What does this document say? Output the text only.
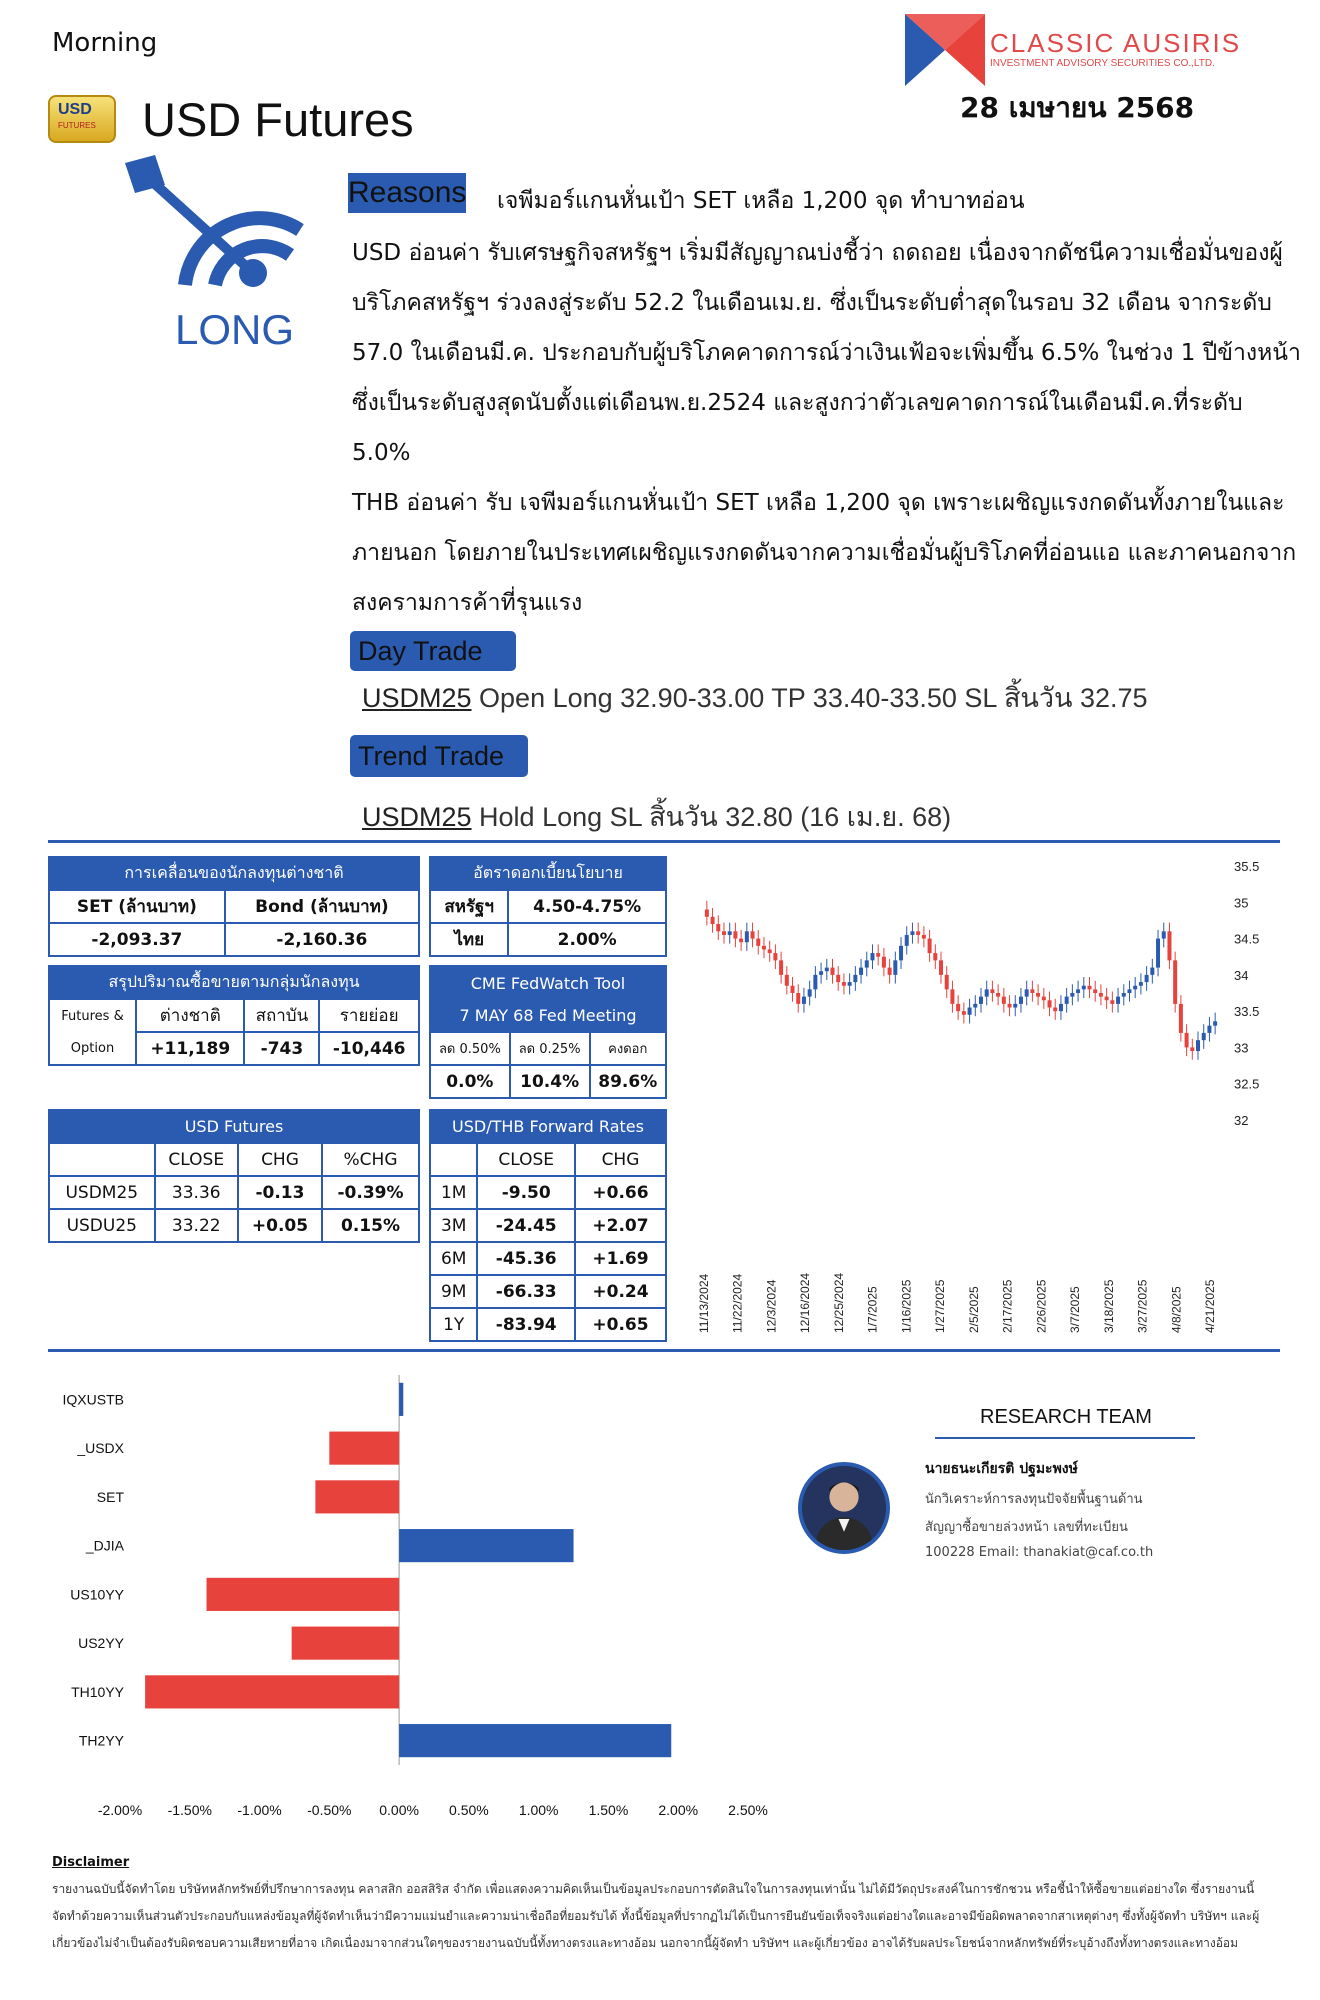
Morning
USD
FUTURES USD Futures
CLASSIC AUSIRIS
INVESTMENT ADVISORY SECURITIES CO.,LTD.
28 เมษายน 2568
LONG
Reasons เจพีมอร์แกนหั่นเป้า SET เหลือ 1,200 จุด ทำบาทอ่อน
USD อ่อนค่า รับเศรษฐกิจสหรัฐฯ เริ่มมีสัญญาณบ่งชี้ว่า ถดถอย เนื่องจากดัชนีความเชื่อมั่นของผู้บริโภคสหรัฐฯ ร่วงลงสู่ระดับ 52.2 ในเดือนเม.ย. ซึ่งเป็นระดับต่ำสุดในรอบ 32 เดือน จากระดับ 57.0 ในเดือนมี.ค. ประกอบกับผู้บริโภคคาดการณ์ว่าเงินเฟ้อจะเพิ่มขึ้น 6.5% ในช่วง 1 ปีข้างหน้า ซึ่งเป็นระดับสูงสุดนับตั้งแต่เดือนพ.ย.2524 และสูงกว่าตัวเลขคาดการณ์ในเดือนมี.ค.ที่ระดับ 5.0%
THB อ่อนค่า รับ เจพีมอร์แกนหั่นเป้า SET เหลือ 1,200 จุด เพราะเผชิญแรงกดดันทั้งภายในและภายนอก โดยภายในประเทศเผชิญแรงกดดันจากความเชื่อมั่นผู้บริโภคที่อ่อนแอ และภาคนอกจากสงครามการค้าที่รุนแรง
Day Trade
USDM25 Open Long 32.90-33.00 TP 33.40-33.50 SL สิ้นวัน 32.75
Trend Trade
USDM25 Hold Long SL สิ้นวัน 32.80 (16 เม.ย. 68)
การเคลื่อนของนักลงทุนต่างชาติ	
SET (ล้านบาท)	Bond (ล้านบาท)
-2,093.37	-2,160.36
อัตราดอกเบี้ยนโยบาย	
สหรัฐฯ	4.50-4.75%
ไทย	2.00%
สรุปปริมาณซื้อขายตามกลุ่มนักลงทุน			
Futures &	ต่างชาติ	สถาบัน	รายย่อย
Option	+11,189	-743	-10,446
CME FedWatch Tool		
7 MAY 68 Fed Meeting		
ลด 0.50%	ลด 0.25%	คงดอก
0.0%	10.4%	89.6%
USD Futures			
	CLOSE	CHG	%CHG
USDM25	33.36	-0.13	-0.39%
USDU25	33.22	+0.05	0.15%
USD/THB Forward Rates		
	CLOSE	CHG
1M	-9.50	+0.66
3M	-24.45	+2.07
6M	-45.36	+1.69
9M	-66.33	+0.24
1Y	-83.94	+0.65
35.5
35
34.5
34
33.5
33
32.5
32
11/13/2024 11/22/2024 12/3/2024 12/16/2024 12/25/2024 1/7/2025 1/16/2025 1/27/2025 2/5/2025 2/17/2025 2/26/2025 3/7/2025 3/18/2025 3/27/2025 4/8/2025 4/21/2025
IQXUSTB
_USDX
SET
_DJIA
US10YY
US2YY
TH10YY
TH2YY
-2.00% -1.50% -1.00% -0.50% 0.00% 0.50% 1.00% 1.50% 2.00% 2.50%
RESEARCH TEAM
นายธนะเกียรติ ปฐมะพงษ์
นักวิเคราะห์การลงทุนปัจจัยพื้นฐานด้าน
สัญญาซื้อขายล่วงหน้า เลขที่ทะเบียน
100228 Email: thanakiat@caf.co.th
Disclaimer
รายงานฉบับนี้จัดทำโดย บริษัทหลักทรัพย์ที่ปรึกษาการลงทุน คลาสสิก ออสสิริส จำกัด เพื่อแสดงความคิดเห็นเป็นข้อมูลประกอบการตัดสินใจในการลงทุนเท่านั้น ไม่ได้มีวัตถุประสงค์ในการชักชวน หรือชี้นำให้ซื้อขายแต่อย่างใด ซึ่งรายงานนี้ จัดทำด้วยความเห็นส่วนตัวประกอบกับแหล่งข้อมูลที่ผู้จัดทำเห็นว่ามีความแม่นยำและความน่าเชื่อถือที่ยอมรับได้ ทั้งนี้ข้อมูลที่ปรากฏไม่ได้เป็นการยืนยันข้อเท็จจริงแต่อย่างใดและอาจมีข้อผิดพลาดจากสาเหตุต่างๆ ซึ่งทั้งผู้จัดทำ บริษัทฯ และผู้เกี่ยวข้องไม่จำเป็นต้องรับผิดชอบความเสียหายที่อาจ เกิดเนื่องมาจากส่วนใดๆของรายงานฉบับนี้ทั้งทางตรงและทางอ้อม นอกจากนี้ผู้จัดทำ บริษัทฯ และผู้เกี่ยวข้อง อาจได้รับผลประโยชน์จากหลักทรัพย์ที่ระบุอ้างถึงทั้งทางตรงและทางอ้อม
